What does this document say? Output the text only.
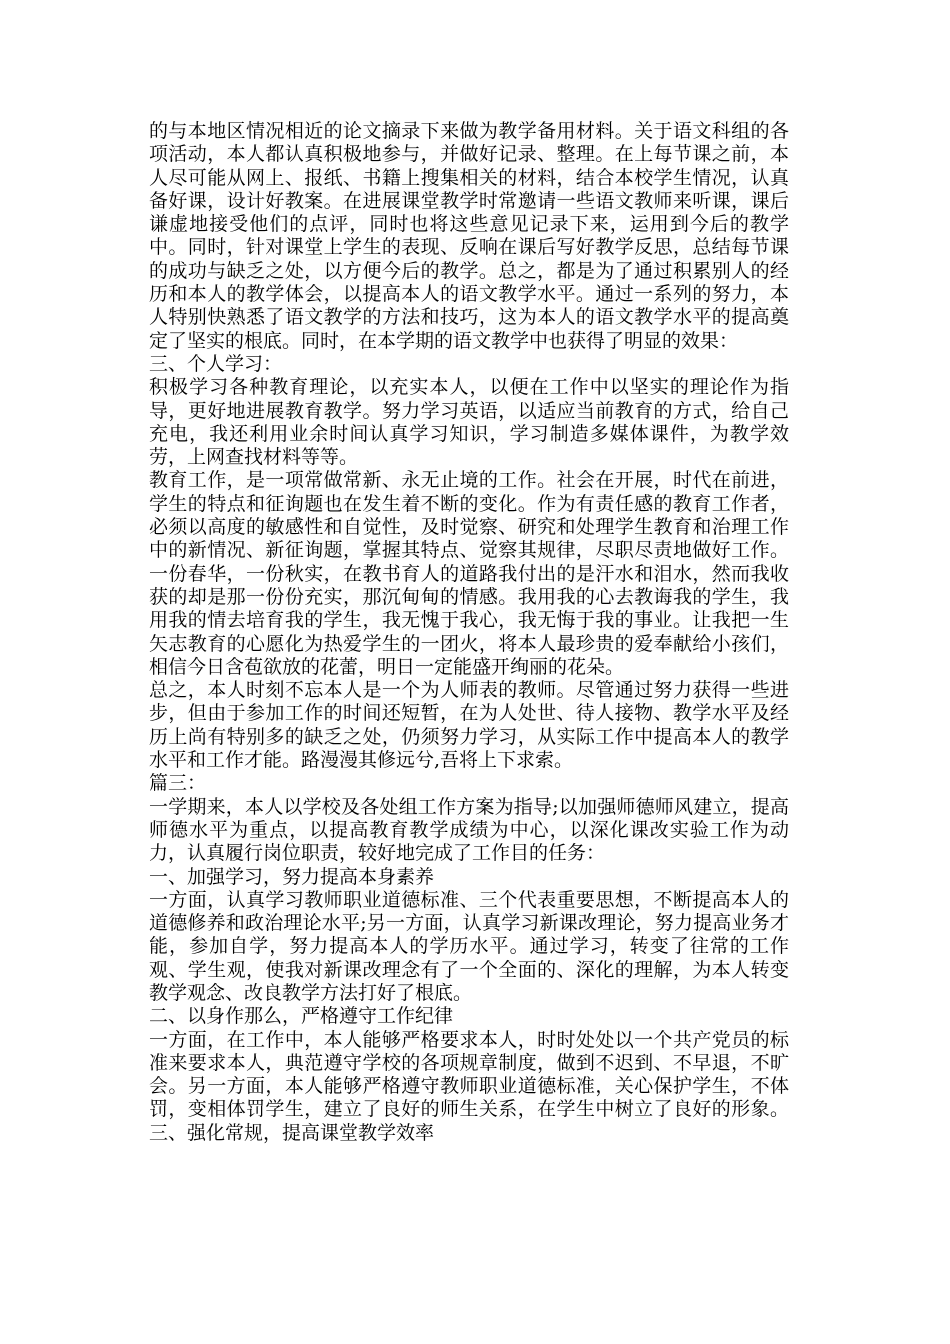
的与本地区情况相近的论文摘录下来做为教学备用材料。关于语文科组的各
项活动，本人都认真积极地参与，并做好记录、整理。在上每节课之前，本
人尽可能从网上、报纸、书籍上搜集相关的材料，结合本校学生情况，认真
备好课，设计好教案。在进展课堂教学时常邀请一些语文教师来听课，课后
谦虚地接受他们的点评，同时也将这些意见记录下来，运用到今后的教学
中。同时，针对课堂上学生的表现、反响在课后写好教学反思，总结每节课
的成功与缺乏之处，以方便今后的教学。总之，都是为了通过积累别人的经
历和本人的教学体会，以提高本人的语文教学水平。通过一系列的努力，本
人特别快熟悉了语文教学的方法和技巧，这为本人的语文教学水平的提高奠
定了坚实的根底。同时，在本学期的语文教学中也获得了明显的效果：
三、个人学习：
积极学习各种教育理论，以充实本人，以便在工作中以坚实的理论作为指
导，更好地进展教育教学。努力学习英语，以适应当前教育的方式，给自己
充电，我还利用业余时间认真学习知识，学习制造多媒体课件，为教学效
劳，上网查找材料等等。
教育工作，是一项常做常新、永无止境的工作。社会在开展，时代在前进，
学生的特点和征询题也在发生着不断的变化。作为有责任感的教育工作者，
必须以高度的敏感性和自觉性，及时觉察、研究和处理学生教育和治理工作
中的新情况、新征询题，掌握其特点、觉察其规律，尽职尽责地做好工作。
一份春华，一份秋实，在教书育人的道路我付出的是汗水和泪水，然而我收
获的却是那一份份充实，那沉甸甸的情感。我用我的心去教诲我的学生，我
用我的情去培育我的学生，我无愧于我心，我无悔于我的事业。让我把一生
矢志教育的心愿化为热爱学生的一团火，将本人最珍贵的爱奉献给小孩们，
相信今日含苞欲放的花蕾，明日一定能盛开绚丽的花朵。
总之，本人时刻不忘本人是一个为人师表的教师。尽管通过努力获得一些进
步，但由于参加工作的时间还短暂，在为人处世、待人接物、教学水平及经
历上尚有特别多的缺乏之处，仍须努力学习，从实际工作中提高本人的教学
水平和工作才能。路漫漫其修远兮,吾将上下求索。
篇三：
一学期来，本人以学校及各处组工作方案为指导;以加强师德师风建立，提高
师德水平为重点，以提高教育教学成绩为中心，以深化课改实验工作为动
力，认真履行岗位职责，较好地完成了工作目的任务：
一、加强学习，努力提高本身素养
一方面，认真学习教师职业道德标准、三个代表重要思想，不断提高本人的
道德修养和政治理论水平;另一方面，认真学习新课改理论，努力提高业务才
能，参加自学，努力提高本人的学历水平。通过学习，转变了往常的工作
观、学生观，使我对新课改理念有了一个全面的、深化的理解，为本人转变
教学观念、改良教学方法打好了根底。
二、以身作那么，严格遵守工作纪律
一方面，在工作中，本人能够严格要求本人，时时处处以一个共产党员的标
准来要求本人，典范遵守学校的各项规章制度，做到不迟到、不早退，不旷
会。另一方面，本人能够严格遵守教师职业道德标准，关心保护学生，不体
罚，变相体罚学生，建立了良好的师生关系，在学生中树立了良好的形象。
三、强化常规，提高课堂教学效率
